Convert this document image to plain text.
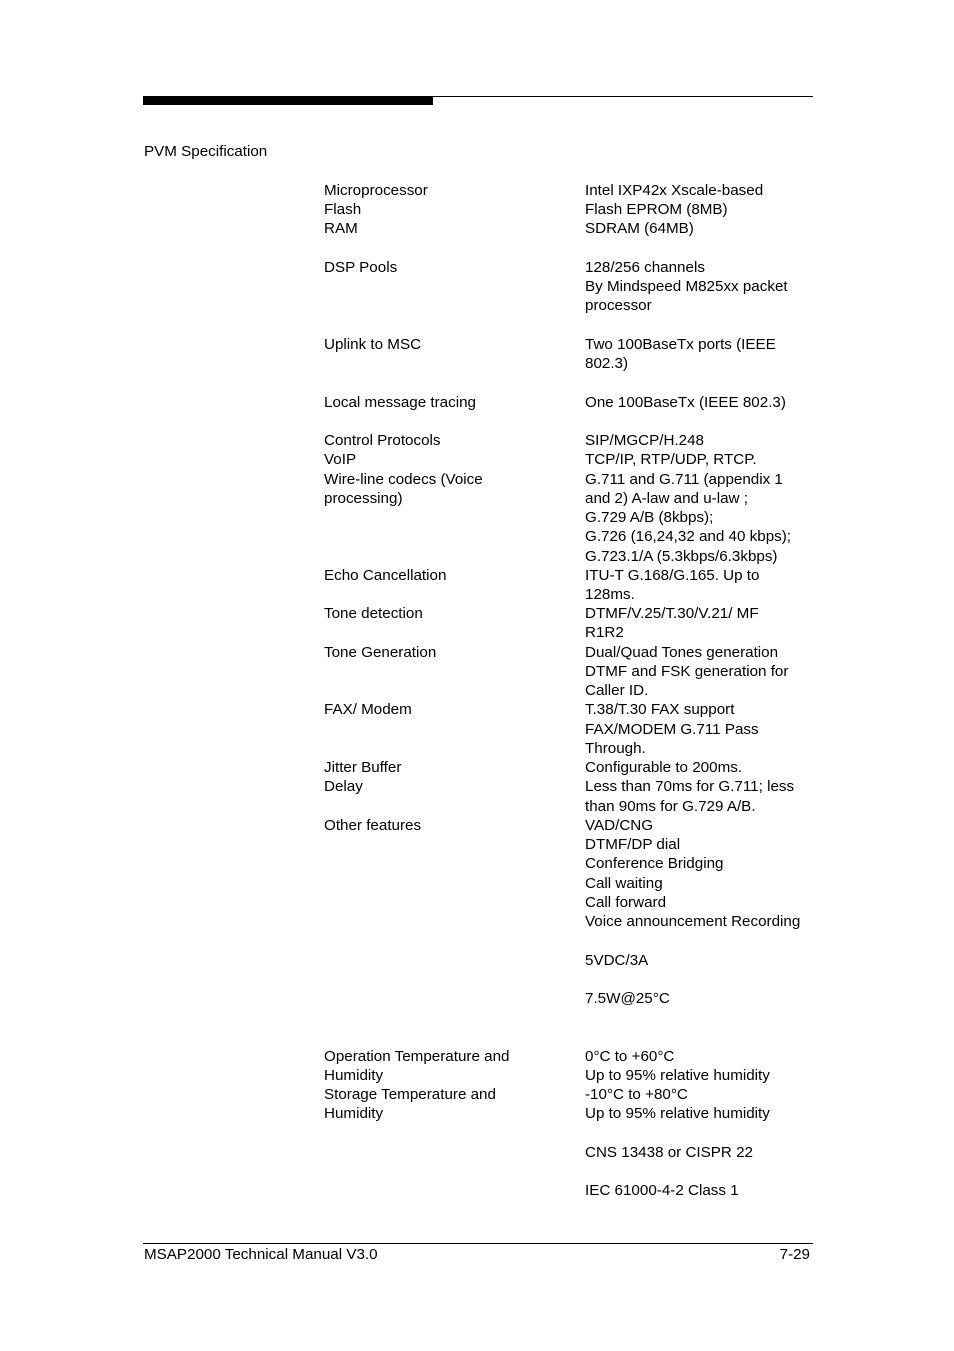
PVM Specification
Microprocessor
Flash
RAM
DSP Pools
Uplink to MSC
Local message tracing
Control Protocols
VoIP
Wire-line codecs (Voice
processing)
Echo Cancellation
Tone detection
Tone Generation
FAX/ Modem
Jitter Buffer
Delay
Other features
Operation Temperature and
Humidity
Storage Temperature and
Humidity
Intel IXP42x Xscale-based
Flash EPROM (8MB)
SDRAM (64MB)
128/256 channels
By Mindspeed M825xx packet
processor
Two 100BaseTx ports (IEEE
802.3)
One 100BaseTx (IEEE 802.3)
SIP/MGCP/H.248
TCP/IP, RTP/UDP, RTCP.
G.711 and G.711 (appendix 1
and 2) A-law and u-law ;
G.729 A/B (8kbps);
G.726 (16,24,32 and 40 kbps);
G.723.1/A (5.3kbps/6.3kbps)
ITU-T G.168/G.165. Up to
128ms.
DTMF/V.25/T.30/V.21/ MF
R1R2
Dual/Quad Tones generation
DTMF and FSK generation for
Caller ID.
T.38/T.30 FAX support
FAX/MODEM G.711 Pass
Through.
Configurable to 200ms.
Less than 70ms for G.711; less
than 90ms for G.729 A/B.
VAD/CNG
DTMF/DP dial
Conference Bridging
Call waiting
Call forward
Voice announcement Recording
5VDC/3A
7.5W@25°C
0°C to +60°C
Up to 95% relative humidity
-10°C to +80°C
Up to 95% relative humidity
CNS 13438 or CISPR 22
IEC 61000-4-2 Class 1
MSAP2000 Technical Manual V3.0	7-29
